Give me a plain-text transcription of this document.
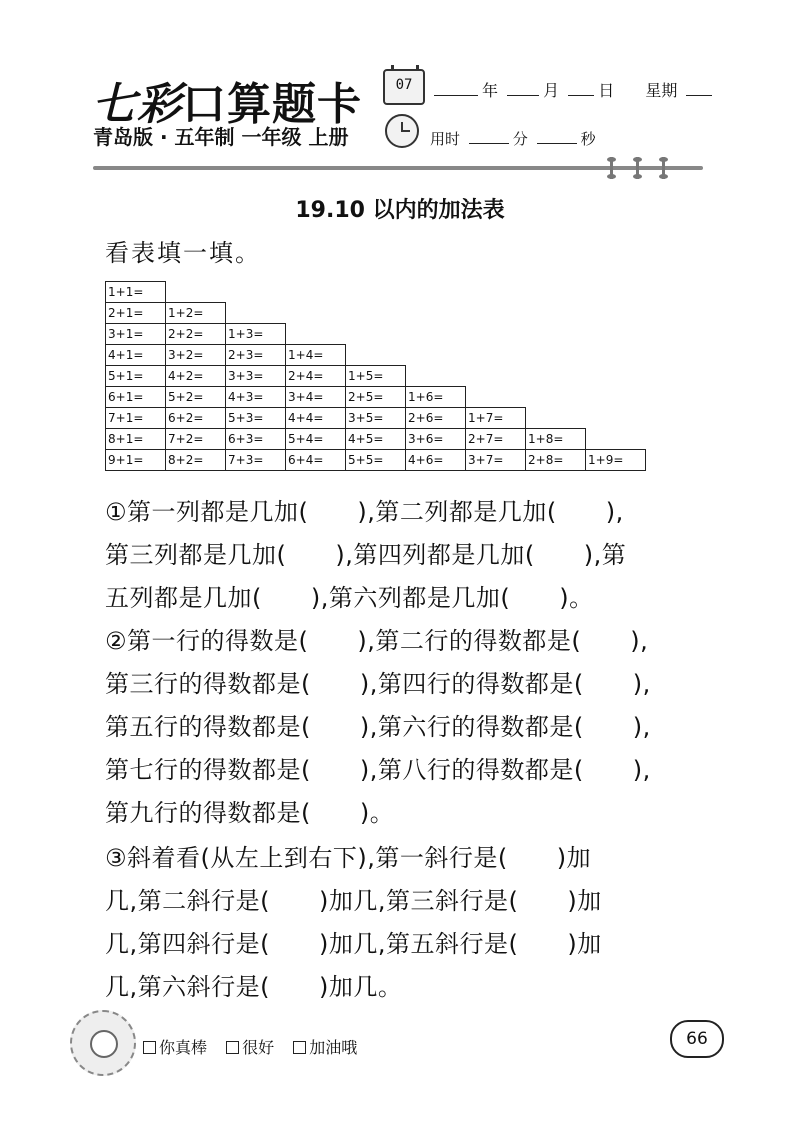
七彩口算题卡
青岛版 · 五年制 一年级 上册
07	年	月 日 星期
用时	分	秒
19.10 以内的加法表
看表填一填。
1+1=								
2+1=	1+2=							
3+1=	2+2=	1+3=						
4+1=	3+2=	2+3=	1+4=					
5+1=	4+2=	3+3=	2+4=	1+5=				
6+1=	5+2=	4+3=	3+4=	2+5=	1+6=			
7+1=	6+2=	5+3=	4+4=	3+5=	2+6=	1+7=		
8+1=	7+2=	6+3=	5+4=	4+5=	3+6=	2+7=	1+8=	
9+1=	8+2=	7+3=	6+4=	5+5=	4+6=	3+7=	2+8=	1+9=
①第一列都是几加(　　),第二列都是几加(　　),
第三列都是几加(　　),第四列都是几加(　　),第
五列都是几加(　　),第六列都是几加(　　)。
②第一行的得数是(　　),第二行的得数都是(　　),
第三行的得数都是(　　),第四行的得数都是(　　),
第五行的得数都是(　　),第六行的得数都是(　　),
第七行的得数都是(　　),第八行的得数都是(　　),
第九行的得数都是(　　)。
③斜着看(从左上到右下),第一斜行是(　　)加
几,第二斜行是(　　)加几,第三斜行是(　　)加
几,第四斜行是(　　)加几,第五斜行是(　　)加
几,第六斜行是(　　)加几。
你真棒 很好 加油哦	66
